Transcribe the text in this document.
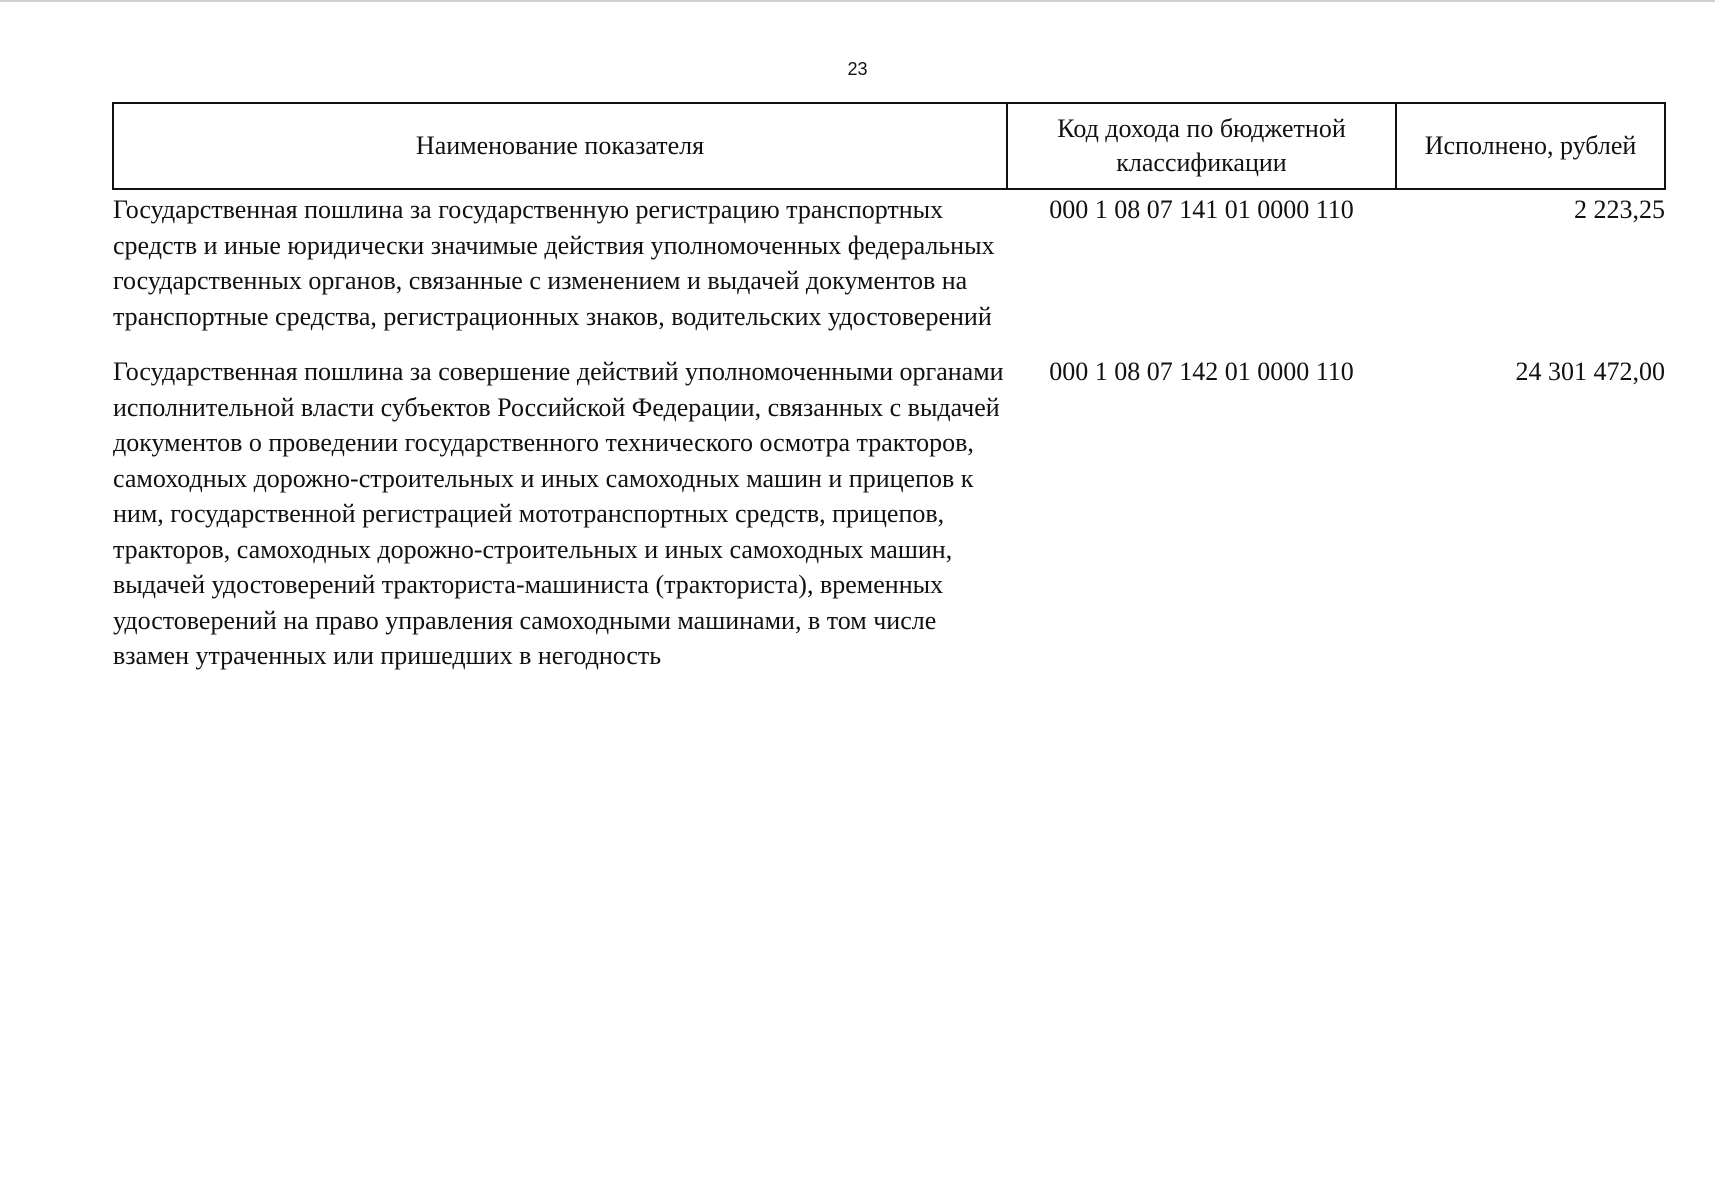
23
Наименование показателя	Код дохода по бюджетной классификации	Исполнено, рублей
Государственная пошлина за государственную регистрацию транспортных средств и иные юридически значимые действия уполномоченных федеральных государственных органов, связанные с изменением и выдачей документов на транспортные средства, регистрационных знаков, водительских удостоверений	000 1 08 07 141 01 0000 110	2 223,25
Государственная пошлина за совершение действий уполномоченными органами исполнительной власти субъектов Российской Федерации, связанных с выдачей документов о проведении государственного технического осмотра тракторов, самоходных дорожно-строительных и иных самоходных машин и прицепов к ним, государственной регистрацией мототранспортных средств, прицепов, тракторов, самоходных дорожно-строительных и иных самоходных машин, выдачей удостоверений тракториста-машиниста (тракториста), временных удостоверений на право управления самоходными машинами, в том числе взамен утраченных или пришедших в негодность	000 1 08 07 142 01 0000 110	24 301 472,00
